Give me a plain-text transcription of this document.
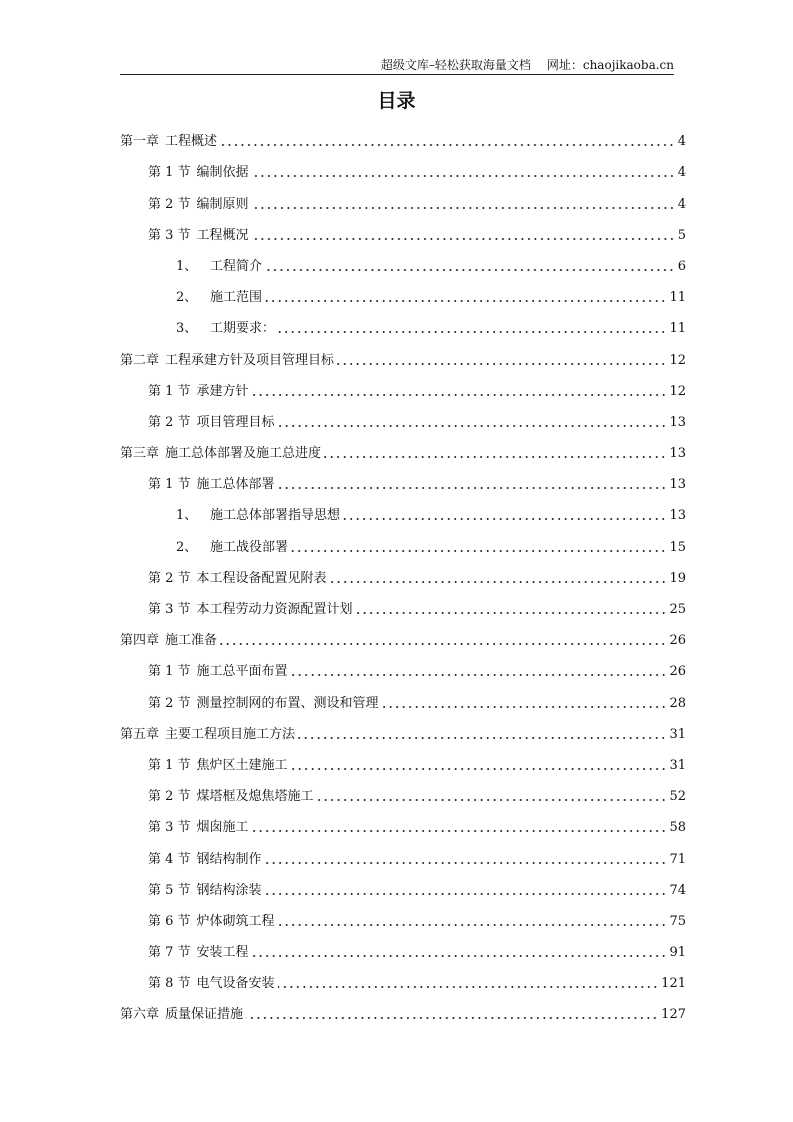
超级文库–轻松获取海量文档 网址：chaojikaoba.cn
目录
第一章 工程概述	4
第 1 节 编制依据	4
第 2 节 编制原则	4
第 3 节 工程概况	5
1、 工程简介	6
2、 施工范围	11
3、 工期要求：	11
第二章 工程承建方针及项目管理目标	12
第 1 节 承建方针	12
第 2 节 项目管理目标	13
第三章 施工总体部署及施工总进度	13
第 1 节 施工总体部署	13
1、 施工总体部署指导思想	13
2、 施工战役部署	15
第 2 节 本工程设备配置见附表	19
第 3 节 本工程劳动力资源配置计划	25
第四章 施工准备	26
第 1 节 施工总平面布置	26
第 2 节 测量控制网的布置、测设和管理	28
第五章 主要工程项目施工方法	31
第 1 节 焦炉区土建施工	31
第 2 节 煤塔框及熄焦塔施工	52
第 3 节 烟囱施工	58
第 4 节 钢结构制作	71
第 5 节 钢结构涂装	74
第 6 节 炉体砌筑工程	75
第 7 节 安装工程	91
第 8 节 电气设备安装	121
第六章 质量保证措施	127
